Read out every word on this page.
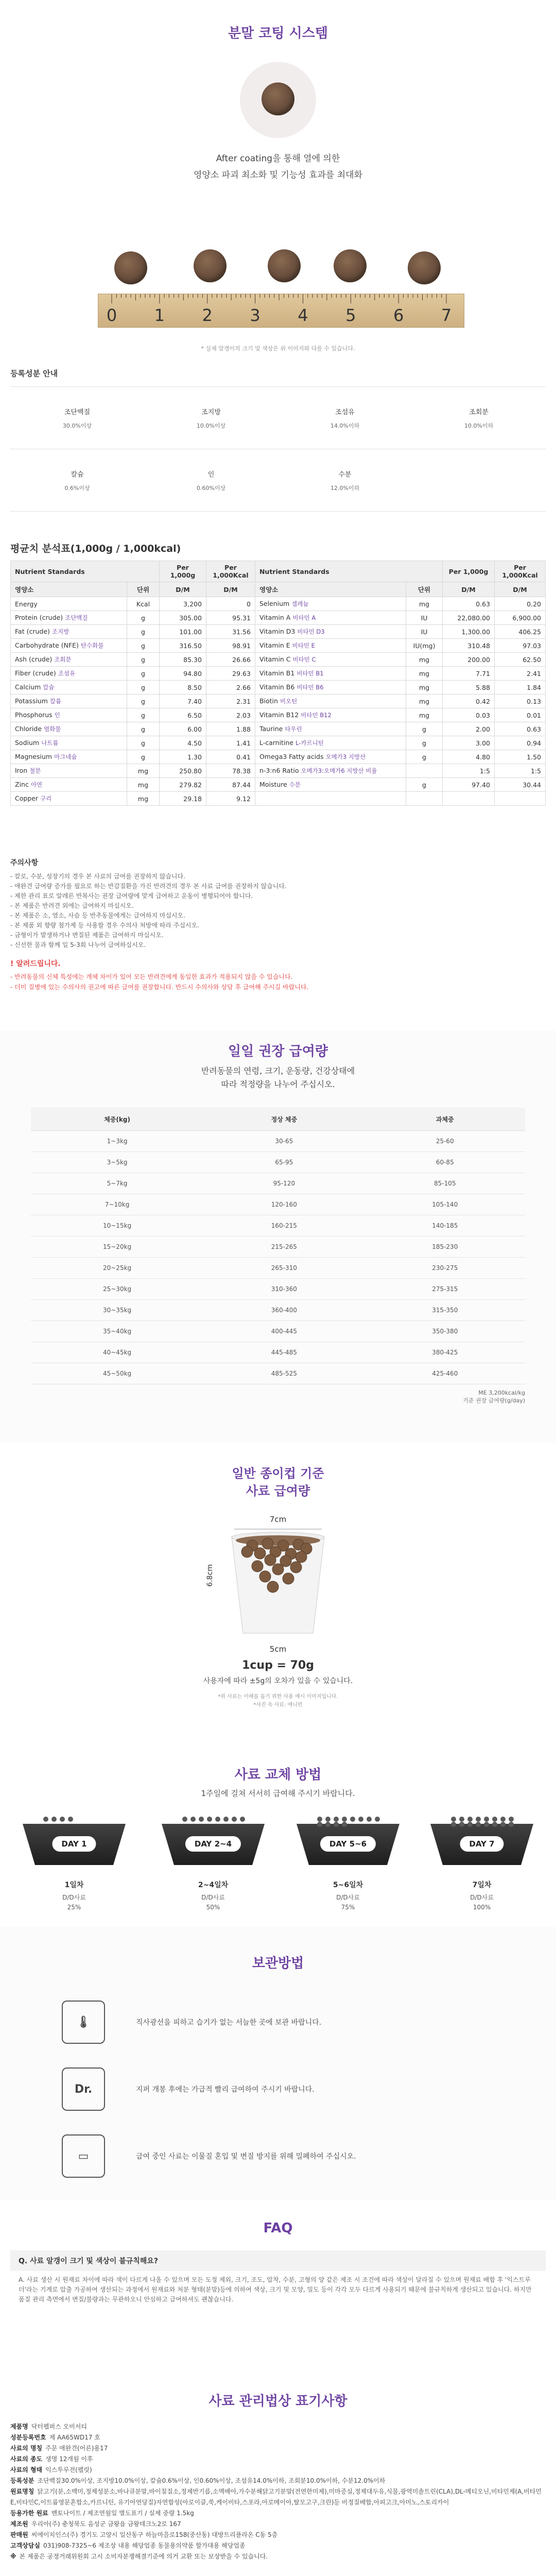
분말 코팅 시스템
After coating을 통해 열에 의한
영양소 파괴 최소화 및 기능성 효과를 최대화
0	1	2	3	4	5	6	7
* 실제 알갱이의 크기 및 색상은 위 이미지와 다를 수 있습니다.
등록성분 안내
조단백질
30.0%이상
조지방
10.0%이상
조섬유
14.0%이하
조회분
10.0%이하
칼슘
0.6%이상
인
0.60%이상
수분
12.0%이하
평균치 분석표(1,000g / 1,000kcal)
Nutrient Standards		Per 1,000g	Per 1,000Kcal	Nutrient Standards		Per 1,000g	Per 1,000Kcal
영양소	단위	D/M	D/M	영양소	단위	D/M	D/M
Energy	Kcal	3,200	0	Selenium 셀레늄	mg	0.63	0.20
Protein (crude) 조단백질	g	305.00	95.31	Vitamin A 비타민 A	IU	22,080.00	6,900.00
Fat (crude) 조지방	g	101.00	31.56	Vitamin D3 비타민 D3	IU	1,300.00	406.25
Carbohydrate (NFE) 탄수화물	g	316.50	98.91	Vitamin E 비타민 E	IU(mg)	310.48	97.03
Ash (crude) 조회분	g	85.30	26.66	Vitamin C 비타민 C	mg	200.00	62.50
Fiber (crude) 조섬유	g	94.80	29.63	Vitamin B1 비타민 B1	mg	7.71	2.41
Calcium 칼슘	g	8.50	2.66	Vitamin B6 비타민 B6	mg	5.88	1.84
Potassium 칼륨	g	7.40	2.31	Biotin 비오틴	mg	0.42	0.13
Phosphorus 인	g	6.50	2.03	Vitamin B12 비타민 B12	mg	0.03	0.01
Chloride 염화물	g	6.00	1.88	Taurine 타우린	g	2.00	0.63
Sodium 나트륨	g	4.50	1.41	L-carnitine L-카르니틴	g	3.00	0.94
Magnesium 마그네슘	g	1.30	0.41	Omega3 Fatty acids 오메가3 지방산	g	4.80	1.50
Iron 철분	mg	250.80	78.38	n-3:n6 Ratio 오메가3:오메가6 지방산 비율		1:5	1:5
Zinc 아연	mg	279.82	87.44	Moisture 수분	g	97.40	30.44
Copper 구리	mg	29.18	9.12				
주의사항
- 칼로, 수분, 성장기의 경우 본 사료의 급여를 권장하지 않습니다.
- 애완견 급여량 증가를 필요로 하는 반감질환을 가진 반려견의 경우 본 사료 급여를 권장하지 않습니다.
- 제한 관리 표로 알레른 반복사는 권장 급여량에 맞게 급여하고 운동이 병행되어야 합니다.
- 본 제품은 반려견 외에는 급여하지 마십시오.
- 본 제품은 소, 염소, 사슴 등 반추동물에게는 급여하지 마십시오.
- 본 제품 외 향량 첨가제 등 사용할 경우 수의사 처방에 따라 주십시오.
- 금형이가 발생하거나 변질된 제품은 급여하지 마십시오.
- 신선한 물과 함께 일 5-3회 나누어 급여하십시오.
! 알려드립니다.
- 반려동물의 신체 특성에는 개체 차이가 있어 모든 반려견에게 동일한 효과가 적용되지 않을 수 있습니다.
- 더미 질병에 있는 수의사의 권고에 따른 급여를 권장합니다. 반드시 수의사와 상담 후 급여해 주시길 바랍니다.
일일 권장 급여량
반려동물의 연령, 크기, 운동량, 건강상태에
따라 적정량을 나누어 주십시오.
체중(kg)	정상 체중	과체중
1~3kg	30-65	25-60
3~5kg	65-95	60-85
5~7kg	95-120	85-105
7~10kg	120-160	105-140
10~15kg	160-215	140-185
15~20kg	215-265	185-230
20~25kg	265-310	230-275
25~30kg	310-360	275-315
30~35kg	360-400	315-350
35~40kg	400-445	350-380
40~45kg	445-485	380-425
45~50kg	485-525	425-460
ME 3,200kcal/kg
기준 권장 급여량(g/day)
일반 종이컵 기준
사료 급여량
7cm
6.8cm
5cm
1cup = 70g
사용자에 따라 ±5g의 오차가 있을 수 있습니다.
*위 사료는 이해를 돕기 위한 사용 예시 이미지입니다.
*사진 속 사료: 애니먼
사료 교체 방법
1주일에 걸쳐 서서히 급여해 주시기 바랍니다.
DAY 1
1일차
D/D사료
25%
DAY 2~4
2~4일차
D/D사료
50%
DAY 5~6
5~6일차
D/D사료
75%
DAY 7
7일차
D/D사료
100%
보관방법
🌡	직사광선을 피하고 습기가 없는 서늘한 곳에 보관 바랍니다.
Dr.	지퍼 개봉 후에는 가급적 빨리 급여하여 주시기 바랍니다.
▭	급여 중인 사료는 이물질 혼입 및 변질 방지를 위해 밀폐하여 주십시오.
FAQ
Q. 사료 알갱이 크기 및 색상이 불규칙해요?
A. 사료 생산 시 원재료 차이에 따라 색이 다르게 나올 수 있으며 모든 도정 제외, 크기, 조도, 압착, 수분, 고형의 양 같은 제조 시 조건에 따라 색상이 달라질 수 있으며 원재료 배합 후 '익스트루더'라는 기계로 압출 가공하여 생산되는 과정에서 원재료와 처분 형태(분말)등에 의하여 색상, 크기 및 모양, 밀도 등이 각각 모두 다르게 사용되기 때문에 불규칙하게 생산되고 있습니다. 하지만 품질 관리 측면에서 변질/불량과는 무관하오니 안심하고 급여하셔도 괜찮습니다.
사료 관리법상 표기사항
제품명 닥터펠퍼스 오비서티
성분등록번호 제 AA65WD17 호
사료의 명칭 주문 애완견(어른)용17
사료의 종도 생명 12개월 이후
사료의 형태 익스투루전(펠릿)
등록성분 조단백질30.0%이상, 조지방10.0%이상, 칼슘0.6%이상, 인0.60%이상, 조섬유14.0%이하, 조회분10.0%이하, 수분12.0%이하
원료명칭 닭고기(분,소백미,정제성분소,바나큐분말,바이칠질소,정제반기름,소맥배아,가수분해닭고기분말(전연한미제),미마증실,정제대두유,식물,광역미솔트린(CLA),DL-메티오닌,비타민제(A,비타민E,비타민C,이트륨영문혼합소,카르니틴, 유기아연당질)자연합성(아로이클,쑥,케이비타,스포라,아로메이아,탈모고구,크린)등 비정질배합,아피고크,아미노,스토리카이
등용가한 원료 벤토나이트 / 제조연월일 별도표기 / 실제 중량 1.5kg
제조원 우리아(주) 충청북도 음성군 금왕읍 금왕테크노2로 167
판매원 씨에이치인스(주) 경기도 고양시 일산동구 하늘마을로158(중산동) 대방트리플라온 C동 5층
고객상담실 031)908-7325~6 제조상 내용 해당업종 동물용의약품 할가대용 해당업종
※ 본 제품은 공정거래위원회 고시 소비자분쟁해결기준에 의거 교환 또는 보상받을 수 있습니다.
